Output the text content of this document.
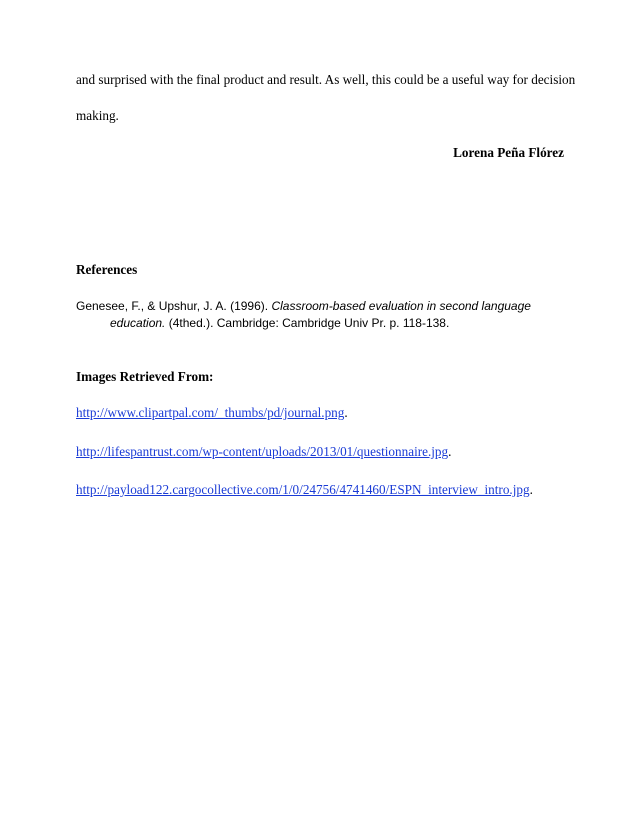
and surprised with the final product and result. As well, this could be a useful way for decision
making.
Lorena Peña Flórez
References
Genesee, F., & Upshur, J. A. (1996). Classroom-based evaluation in second language
education. (4thed.). Cambridge: Cambridge Univ Pr. p. 118-138.
Images Retrieved From:
http://www.clipartpal.com/_thumbs/pd/journal.png.
http://lifespantrust.com/wp-content/uploads/2013/01/questionnaire.jpg.
http://payload122.cargocollective.com/1/0/24756/4741460/ESPN_interview_intro.jpg.
